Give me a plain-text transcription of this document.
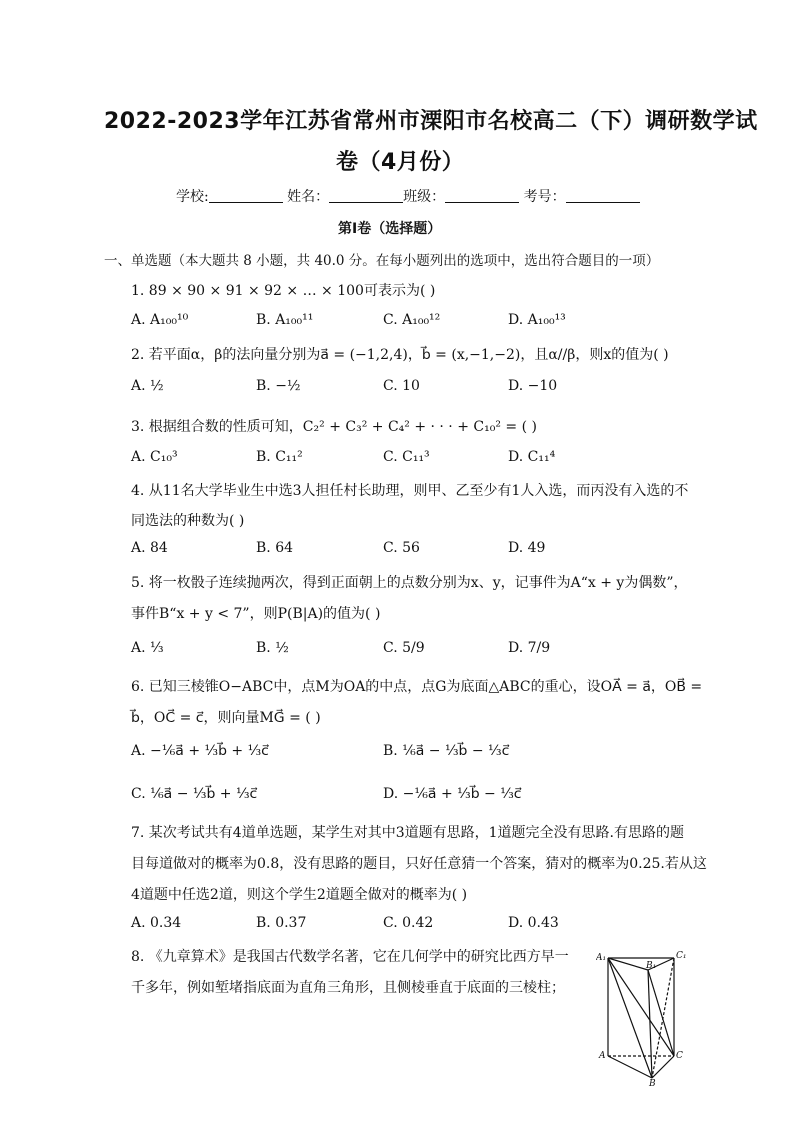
2022-2023学年江苏省常州市溧阳市名校高二（下）调研数学试
卷（4月份）
学校:	姓名：	班级：	考号：
第Ⅰ卷（选择题）
一、单选题（本大题共 8 小题，共 40.0 分。在每小题列出的选项中，选出符合题目的一项）
1. 89 × 90 × 91 × 92 × … × 100可表示为( )
A. A₁₀₀¹⁰	B. A₁₀₀¹¹	C. A₁₀₀¹²	D. A₁₀₀¹³
2. 若平面α，β的法向量分别为a⃗ = (−1,2,4)，b⃗ = (x,−1,−2)，且α//β，则x的值为( )
A. ½	B. −½	C. 10	D. −10
3. 根据组合数的性质可知，C₂² + C₃² + C₄² + · · · + C₁₀² = ( )
A. C₁₀³	B. C₁₁²	C. C₁₁³	D. C₁₁⁴
4. 从11名大学毕业生中选3人担任村长助理，则甲、乙至少有1人入选，而丙没有入选的不
同选法的种数为( )
A. 84	B. 64	C. 56	D. 49
5. 将一枚骰子连续抛两次，得到正面朝上的点数分别为x、y，记事件为A“x + y为偶数”，
事件B“x + y < 7”，则P(B|A)的值为( )
A. ⅓	B. ½	C. 5/9	D. 7/9
6. 已知三棱锥O−ABC中，点M为OA的中点，点G为底面△ABC的重心，设OA⃗ = a⃗，OB⃗ =
b⃗，OC⃗ = c⃗，则向量MG⃗ = ( )
A. −⅙a⃗ + ⅓b⃗ + ⅓c⃗	B. ⅙a⃗ − ⅓b⃗ − ⅓c⃗
C. ⅙a⃗ − ⅓b⃗ + ⅓c⃗	D. −⅙a⃗ + ⅓b⃗ − ⅓c⃗
7. 某次考试共有4道单选题，某学生对其中3道题有思路，1道题完全没有思路.有思路的题
目每道做对的概率为0.8，没有思路的题目，只好任意猜一个答案，猜对的概率为0.25.若从这
4道题中任选2道，则这个学生2道题全做对的概率为( )
A. 0.34	B. 0.37	C. 0.42	D. 0.43
8. 《九章算术》是我国古代数学名著，它在几何学中的研究比西方早一
千多年，例如堑堵指底面为直角三角形，且侧棱垂直于底面的三棱柱；
A₁
B₁
C₁
A
B
C
